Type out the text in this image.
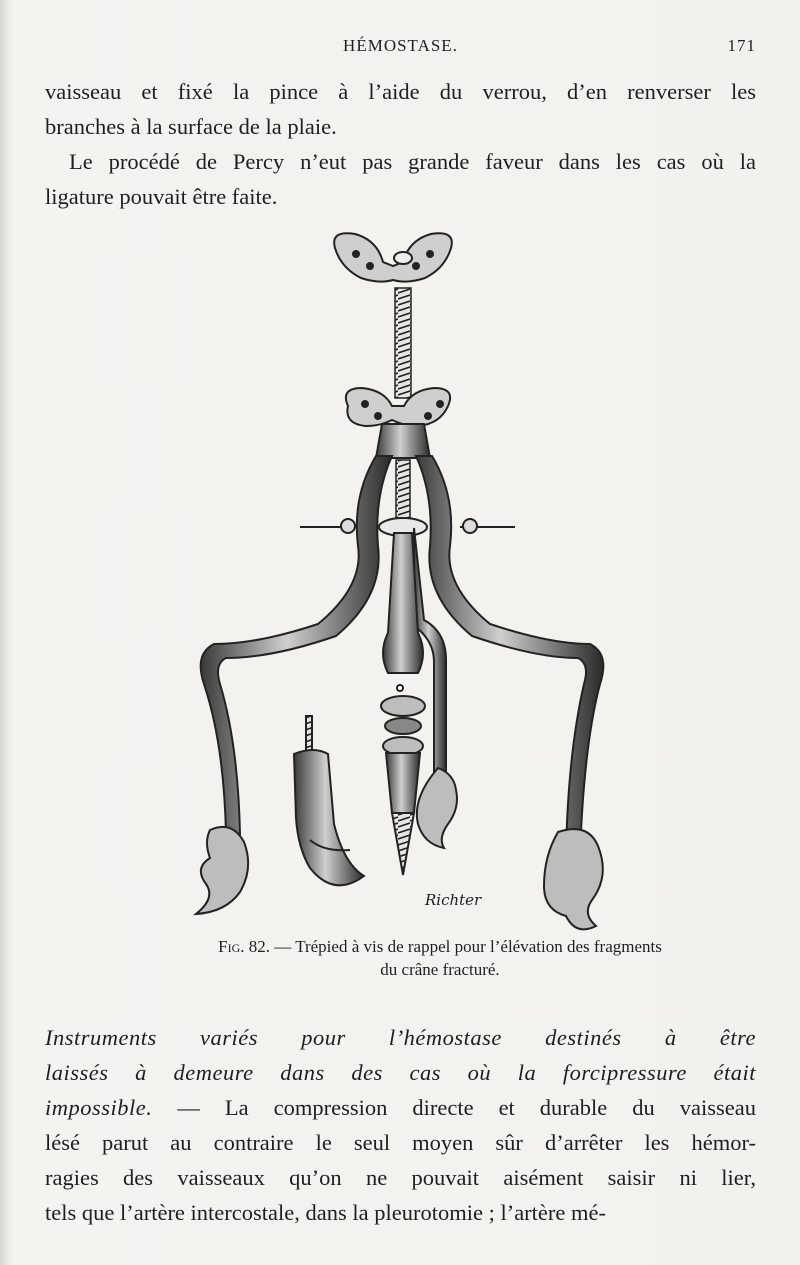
HÉMOSTASE.	171
vaisseau et fixé la pince à l’aide du verrou, d’en renverser les
branches à la surface de la plaie.
Le procédé de Percy n’eut pas grande faveur dans les cas où la
ligature pouvait être faite.
Richter
Fig. 82. — Trépied à vis de rappel pour l’élévation des fragments
du crâne fracturé.
Instruments variés pour l’hémostase destinés à être
laissés à demeure dans des cas où la forcipressure était
impossible. — La compression directe et durable du vaisseau
lésé parut au contraire le seul moyen sûr d’arrêter les hémor-
ragies des vaisseaux qu’on ne pouvait aisément saisir ni lier,
tels que l’artère intercostale, dans la pleurotomie ; l’artère mé-
